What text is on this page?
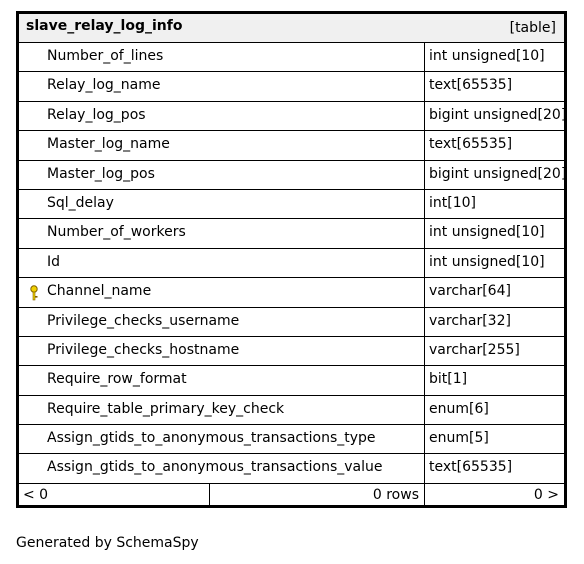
slave_relay_log_info	[table]
Number_of_lines	int unsigned[10]
Relay_log_name	text[65535]
Relay_log_pos	bigint unsigned[20]
Master_log_name	text[65535]
Master_log_pos	bigint unsigned[20]
Sql_delay	int[10]
Number_of_workers	int unsigned[10]
Id	int unsigned[10]
Channel_name	varchar[64]
Privilege_checks_username	varchar[32]
Privilege_checks_hostname	varchar[255]
Require_row_format	bit[1]
Require_table_primary_key_check	enum[6]
Assign_gtids_to_anonymous_transactions_type	enum[5]
Assign_gtids_to_anonymous_transactions_value	text[65535]
< 0	0 rows	0 >
Generated by SchemaSpy
